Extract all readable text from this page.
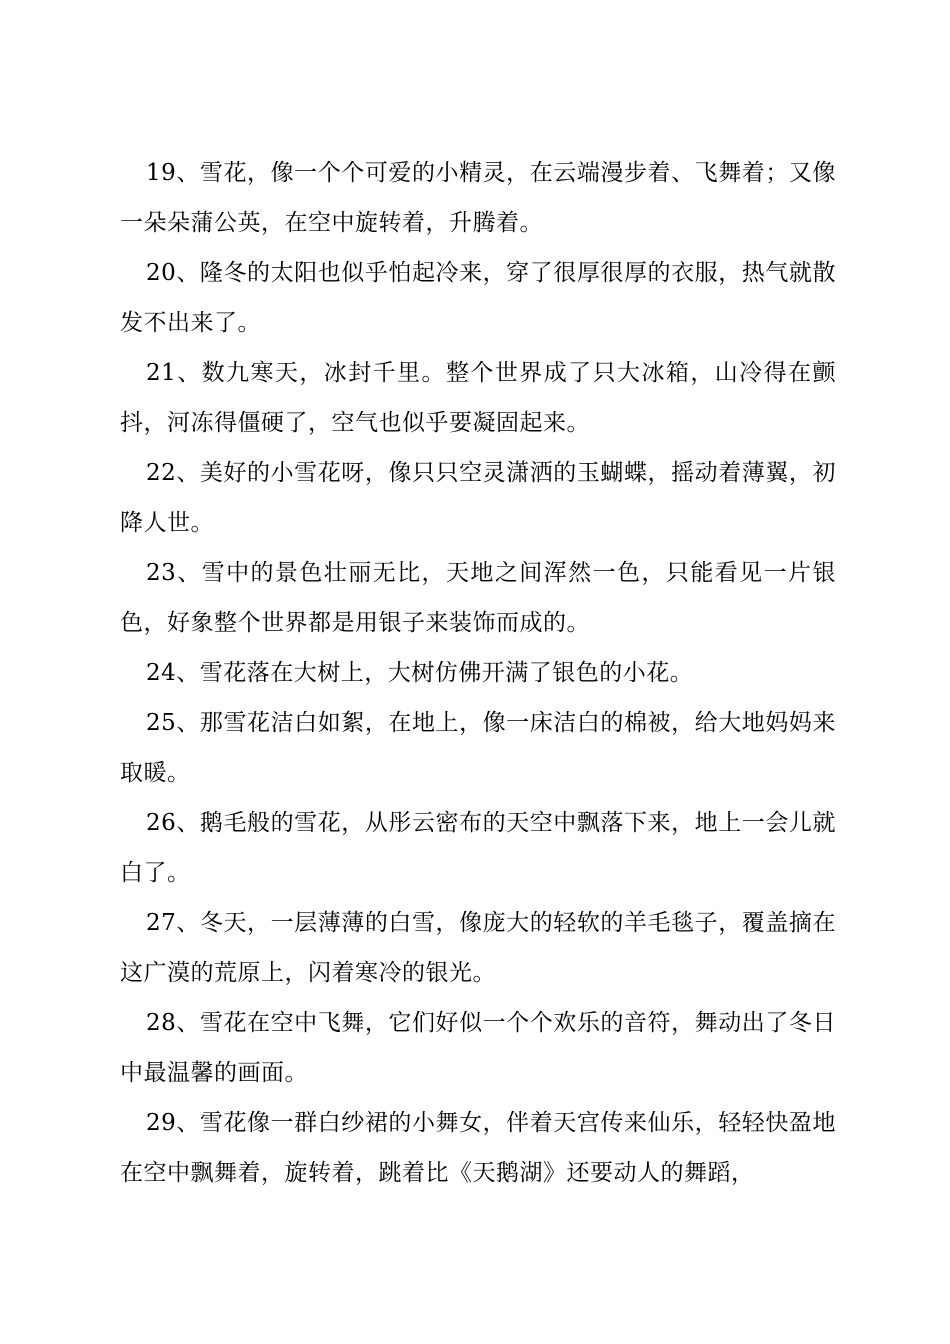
19、雪花，像一个个可爱的小精灵，在云端漫步着、飞舞着；又像一朵朵蒲公英，在空中旋转着，升腾着。

20、隆冬的太阳也似乎怕起冷来，穿了很厚很厚的衣服，热气就散发不出来了。

21、数九寒天，冰封千里。整个世界成了只大冰箱，山冷得在颤抖，河冻得僵硬了，空气也似乎要凝固起来。

22、美好的小雪花呀，像只只空灵潇洒的玉蝴蝶，摇动着薄翼，初降人世。

23、雪中的景色壮丽无比，天地之间浑然一色，只能看见一片银色，好象整个世界都是用银子来装饰而成的。

24、雪花落在大树上，大树仿佛开满了银色的小花。

25、那雪花洁白如絮，在地上，像一床洁白的棉被，给大地妈妈来取暖。

26、鹅毛般的雪花，从彤云密布的天空中飘落下来，地上一会儿就白了。

27、冬天，一层薄薄的白雪，像庞大的轻软的羊毛毯子，覆盖摘在这广漠的荒原上，闪着寒冷的银光。

28、雪花在空中飞舞，它们好似一个个欢乐的音符，舞动出了冬日中最温馨的画面。

29、雪花像一群白纱裙的小舞女，伴着天宫传来仙乐，轻轻快盈地在空中飘舞着，旋转着，跳着比《天鹅湖》还要动人的舞蹈，
